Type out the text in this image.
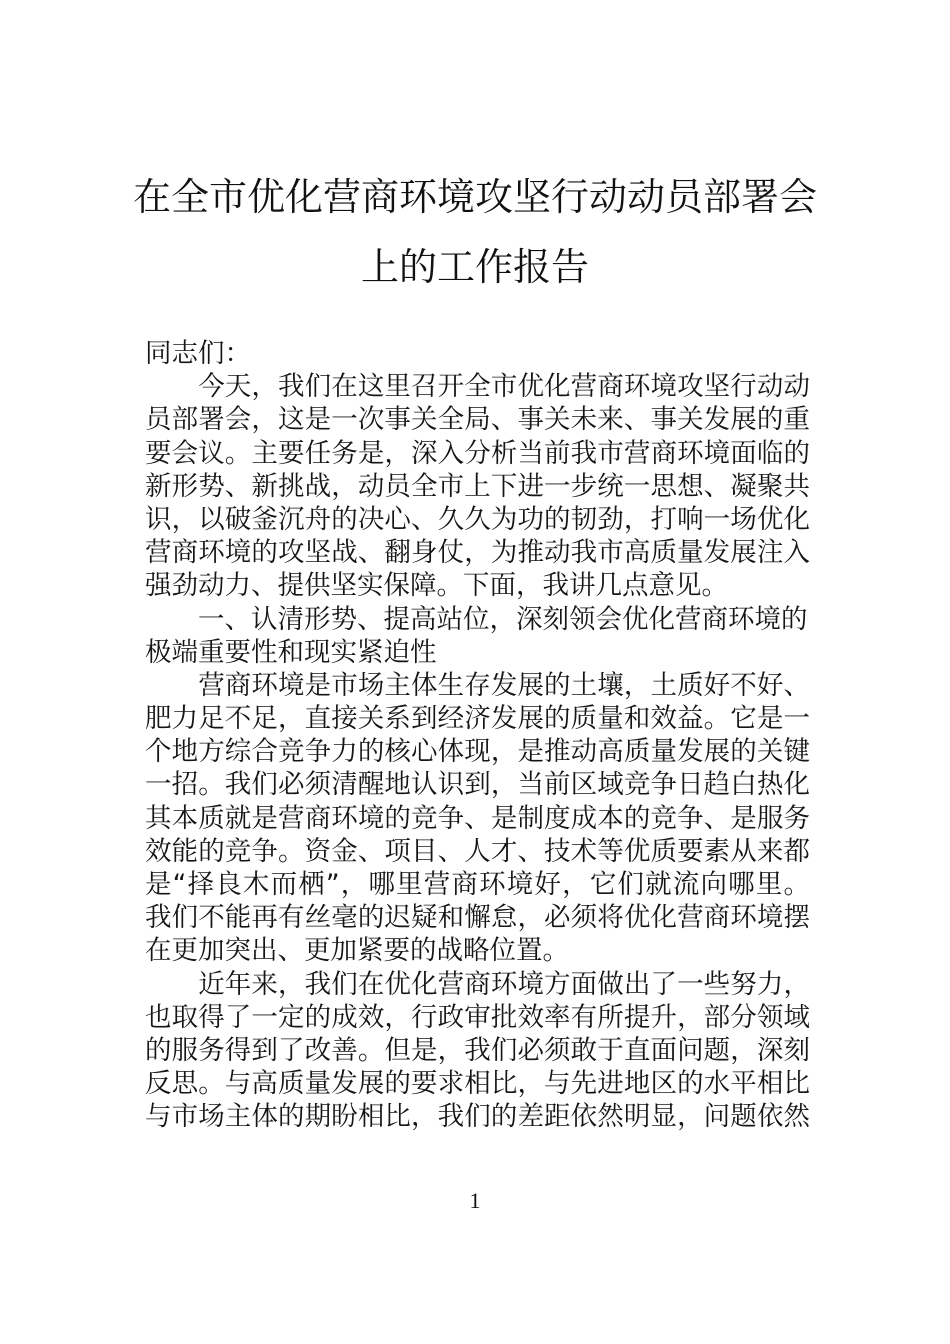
在全市优化营商环境攻坚行动动员部署会
上的工作报告
同志们：
　　今天，我们在这里召开全市优化营商环境攻坚行动动
员部署会，这是一次事关全局、事关未来、事关发展的重
要会议。主要任务是，深入分析当前我市营商环境面临的
新形势、新挑战，动员全市上下进一步统一思想、凝聚共
识，以破釜沉舟的决心、久久为功的韧劲，打响一场优化
营商环境的攻坚战、翻身仗，为推动我市高质量发展注入
强劲动力、提供坚实保障。下面，我讲几点意见。
　　一、认清形势、提高站位，深刻领会优化营商环境的
极端重要性和现实紧迫性
　　营商环境是市场主体生存发展的土壤，土质好不好、
肥力足不足，直接关系到经济发展的质量和效益。它是一
个地方综合竞争力的核心体现，是推动高质量发展的关键
一招。我们必须清醒地认识到，当前区域竞争日趋白热化
其本质就是营商环境的竞争、是制度成本的竞争、是服务
效能的竞争。资金、项目、人才、技术等优质要素从来都
是“择良木而栖”，哪里营商环境好，它们就流向哪里。
我们不能再有丝毫的迟疑和懈怠，必须将优化营商环境摆
在更加突出、更加紧要的战略位置。
　　近年来，我们在优化营商环境方面做出了一些努力，
也取得了一定的成效，行政审批效率有所提升，部分领域
的服务得到了改善。但是，我们必须敢于直面问题，深刻
反思。与高质量发展的要求相比，与先进地区的水平相比
与市场主体的期盼相比，我们的差距依然明显，问题依然
1
